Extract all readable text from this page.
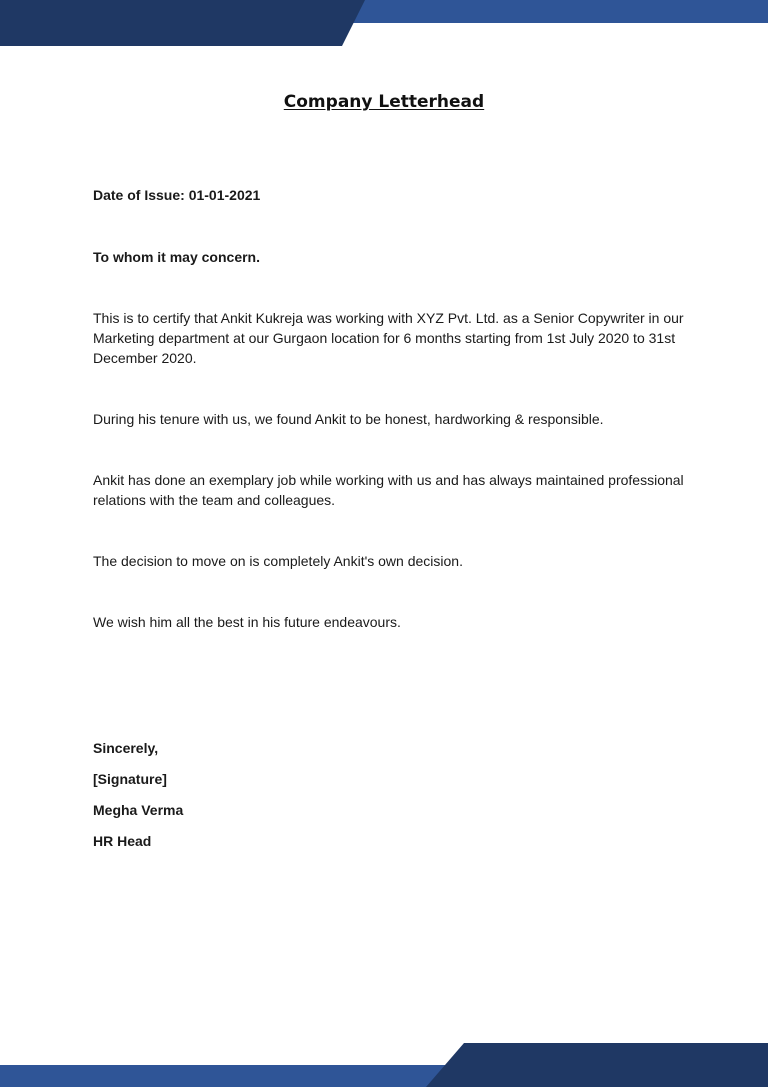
Company Letterhead

Date of Issue: 01-01-2021

To whom it may concern.

This is to certify that Ankit Kukreja was working with XYZ Pvt. Ltd. as a Senior Copywriter in our Marketing department at our Gurgaon location for 6 months starting from 1st July 2020 to 31st December 2020.

During his tenure with us, we found Ankit to be honest, hardworking & responsible.

Ankit has done an exemplary job while working with us and has always maintained professional relations with the team and colleagues.

The decision to move on is completely Ankit's own decision.

We wish him all the best in his future endeavours.

Sincerely,

[Signature]

Megha Verma

HR Head
